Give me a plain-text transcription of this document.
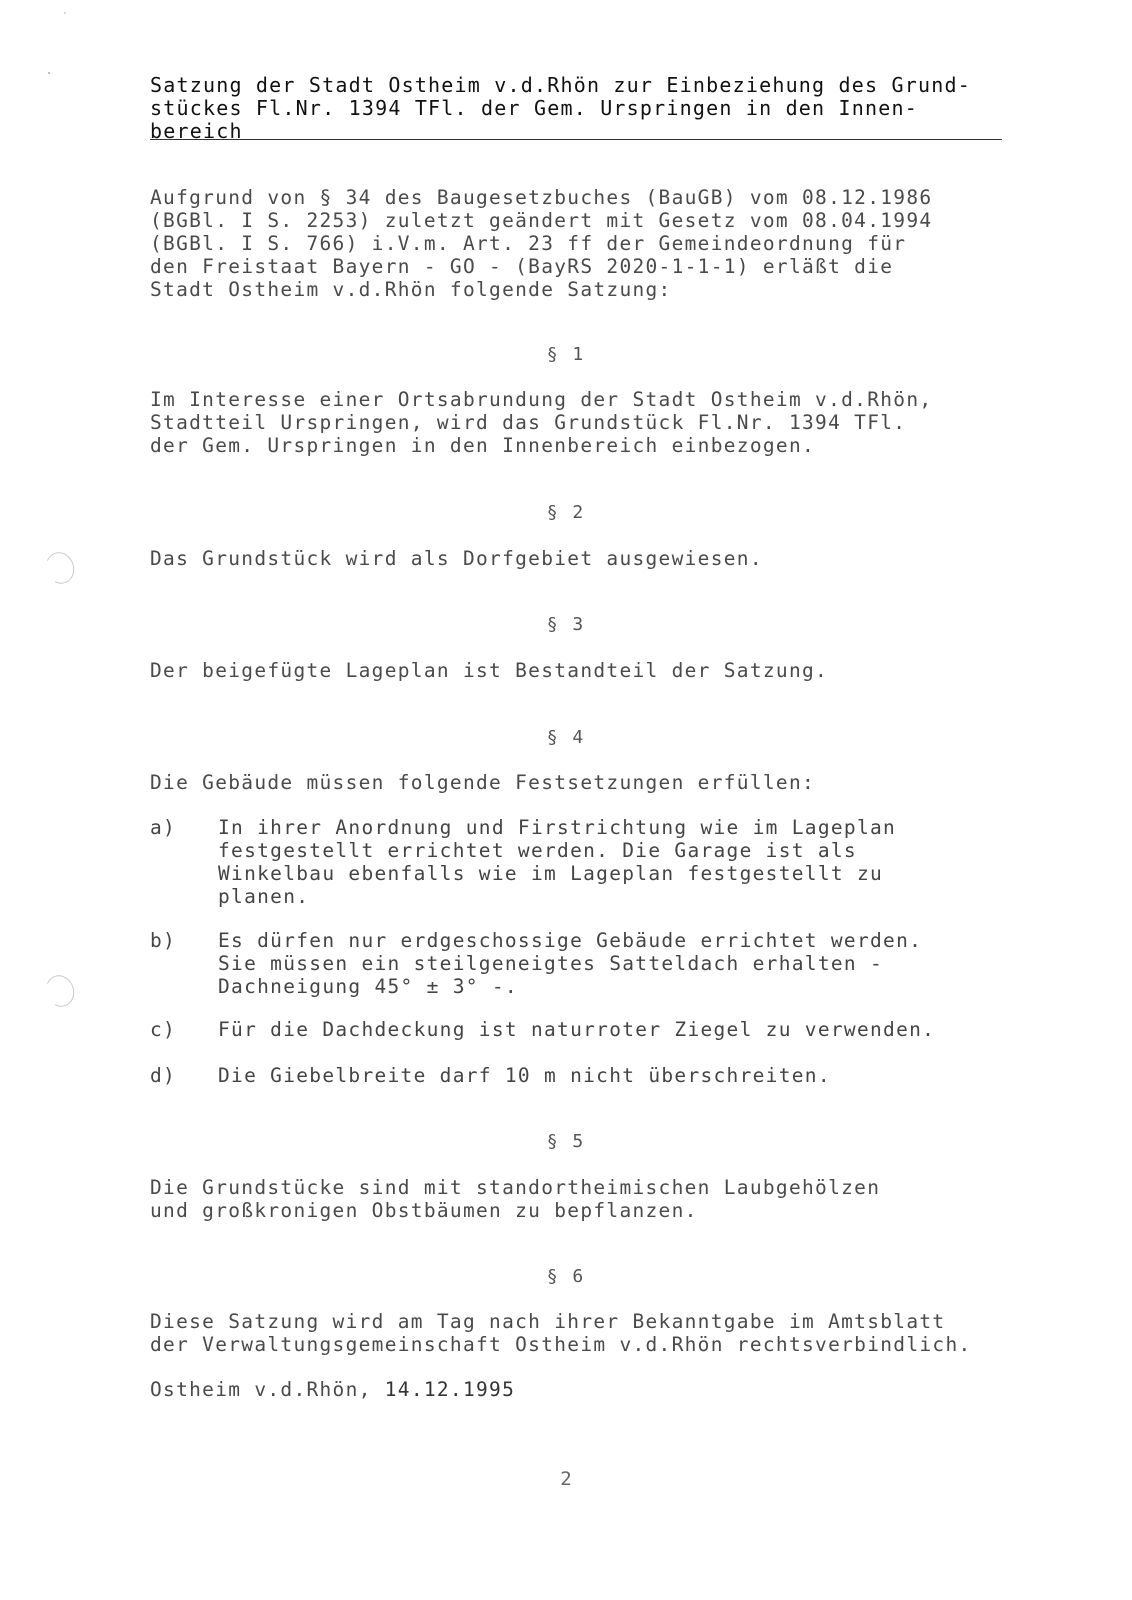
Satzung der Stadt Ostheim v.d.Rhön zur Einbeziehung des Grund-
stückes Fl.Nr. 1394 TFl. der Gem. Urspringen in den Innen-
bereich
Aufgrund von § 34 des Baugesetzbuches (BauGB) vom 08.12.1986
(BGBl. I S. 2253) zuletzt geändert mit Gesetz vom 08.04.1994
(BGBl. I S. 766) i.V.m. Art. 23 ff der Gemeindeordnung für
den Freistaat Bayern - GO - (BayRS 2020-1-1-1) erläßt die
Stadt Ostheim v.d.Rhön folgende Satzung:
§ 1
Im Interesse einer Ortsabrundung der Stadt Ostheim v.d.Rhön,
Stadtteil Urspringen, wird das Grundstück Fl.Nr. 1394 TFl.
der Gem. Urspringen in den Innenbereich einbezogen.
§ 2
Das Grundstück wird als Dorfgebiet ausgewiesen.
§ 3
Der beigefügte Lageplan ist Bestandteil der Satzung.
§ 4
Die Gebäude müssen folgende Festsetzungen erfüllen:
a) In ihrer Anordnung und Firstrichtung wie im Lageplan
festgestellt errichtet werden. Die Garage ist als
Winkelbau ebenfalls wie im Lageplan festgestellt zu
planen.
b) Es dürfen nur erdgeschossige Gebäude errichtet werden.
Sie müssen ein steilgeneigtes Satteldach erhalten -
Dachneigung 45° ± 3° -.
c) Für die Dachdeckung ist naturroter Ziegel zu verwenden.
d) Die Giebelbreite darf 10 m nicht überschreiten.
§ 5
Die Grundstücke sind mit standortheimischen Laubgehölzen
und großkronigen Obstbäumen zu bepflanzen.
§ 6
Diese Satzung wird am Tag nach ihrer Bekanntgabe im Amtsblatt
der Verwaltungsgemeinschaft Ostheim v.d.Rhön rechtsverbindlich.
Ostheim v.d.Rhön, 14.12.1995
2
